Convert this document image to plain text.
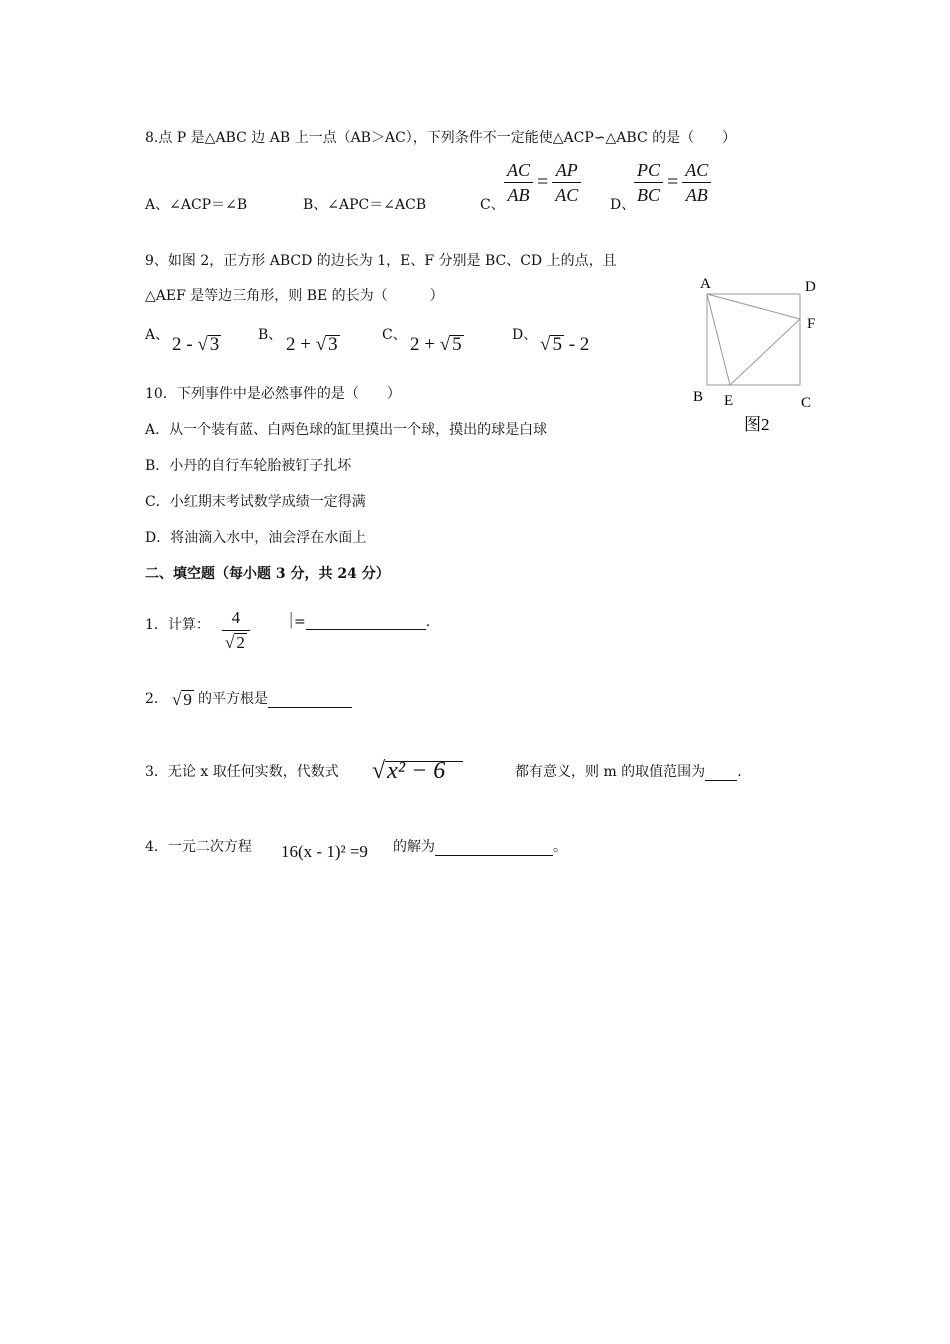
8.点 P 是△ABC 边 AB 上一点（AB＞AC），下列条件不一定能使△ACP∽△ABC 的是（　　）
A、∠ACP＝∠B	B、∠APC＝∠ACB	C、 $\frac{AC}{AB} = \frac{AP}{AC}$ D、
$\frac{PC}{BC} = \frac{AC}{AB}$
9、如图 2，正方形 ABCD 的边长为 1，E、F 分别是 BC、CD 上的点，且
△AEF 是等边三角形，则 BE 的长为（　　　）
A、 2 - √ 3	B、 2 + √ 3	C、 2 + √ 5	D、 √ 5 - 2
A	D
F
B E	C
图2
10．下列事件中是必然事件的是（　　）
A．从一个装有蓝、白两色球的缸里摸出一个球，摸出的球是白球
B．小丹的自行车轮胎被钉子扎坏
C．小红期末考试数学成绩一定得满
D．将油滴入水中，油会浮在水面上
二、填空题（每小题 3 分，共 24 分）
1．计算： $\frac{4}{√ 2}$ ▕ =	.
2． √ 9 的平方根是
3．无论 x 取任何实数，代数式 √x² − 6	都有意义，则 m 的取值范围为 .
4．一元二次方程 16(x - 1)² =9 的解为	。
